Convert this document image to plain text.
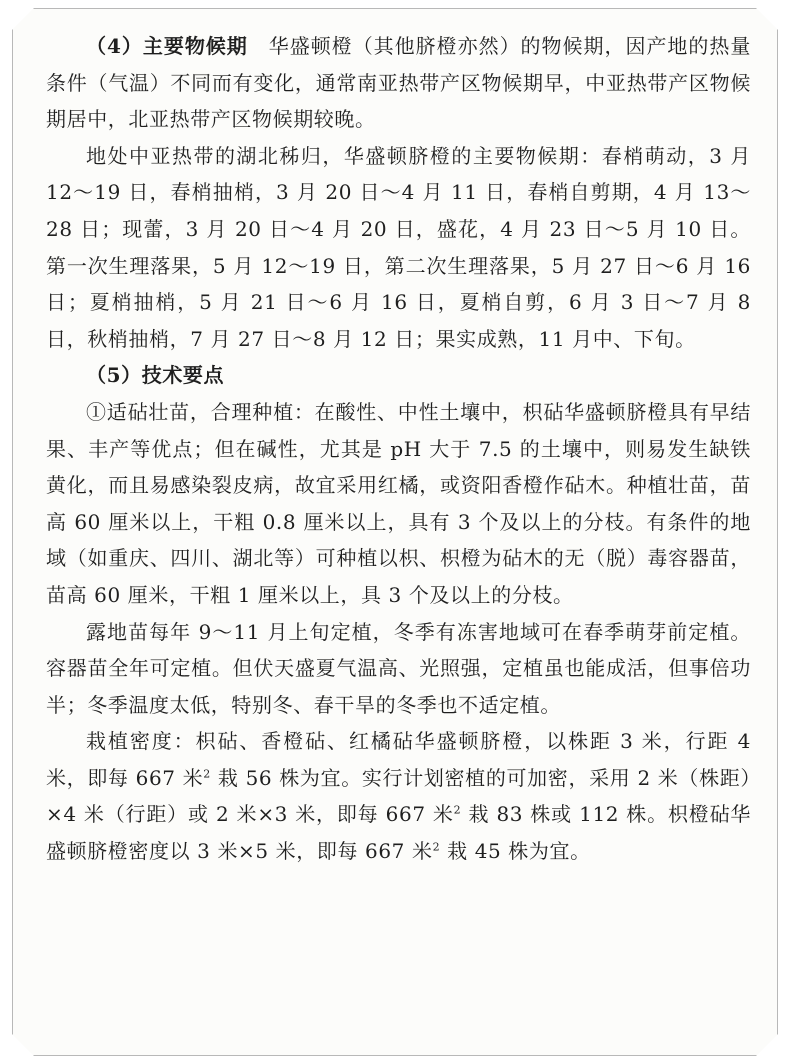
（4）主要物候期　 华盛顿橙（其他脐橙亦然）的物候期，因产地的热量条件（气温）不同而有变化，通常南亚热带产区物候期早，中亚热带产区物候期居中，北亚热带产区物候期较晚。

地处中亚热带的湖北秭归，华盛顿脐橙的主要物候期：春梢萌动，3 月 12～19 日，春梢抽梢，3 月 20 日～4 月 11 日，春梢自剪期，4 月 13～28 日；现蕾，3 月 20 日～4 月 20 日，盛花，4 月 23 日～5 月 10 日。第一次生理落果，5 月 12～19 日，第二次生理落果，5 月 27 日～6 月 16 日；夏梢抽梢，5 月 21 日～6 月 16 日，夏梢自剪，6 月 3 日～7 月 8 日，秋梢抽梢，7 月 27 日～8 月 12 日；果实成熟，11 月中、下旬。

（5）技术要点

①适砧壮苗，合理种植：在酸性、中性土壤中，枳砧华盛顿脐橙具有早结果、丰产等优点；但在碱性，尤其是 pH 大于 7.5 的土壤中，则易发生缺铁黄化，而且易感染裂皮病，故宜采用红橘，或资阳香橙作砧木。种植壮苗，苗高 60 厘米以上，干粗 0.8 厘米以上，具有 3 个及以上的分枝。有条件的地域（如重庆、四川、湖北等）可种植以枳、枳橙为砧木的无（脱）毒容器苗，苗高 60 厘米，干粗 1 厘米以上，具 3 个及以上的分枝。

露地苗每年 9～11 月上旬定植，冬季有冻害地域可在春季萌芽前定植。容器苗全年可定植。但伏天盛夏气温高、光照强，定植虽也能成活，但事倍功半；冬季温度太低，特别冬、春干旱的冬季也不适定植。

栽植密度：枳砧、香橙砧、红橘砧华盛顿脐橙，以株距 3 米，行距 4 米，即每 667 米$^2$ 栽 56 株为宜。实行计划密植的可加密，采用 2 米（株距）×4 米（行距）或 2 米×3 米，即每 667 米$^2$ 栽 83 株或 112 株。枳橙砧华盛顿脐橙密度以 3 米×5 米，即每 667 米$^2$ 栽 45 株为宜。
